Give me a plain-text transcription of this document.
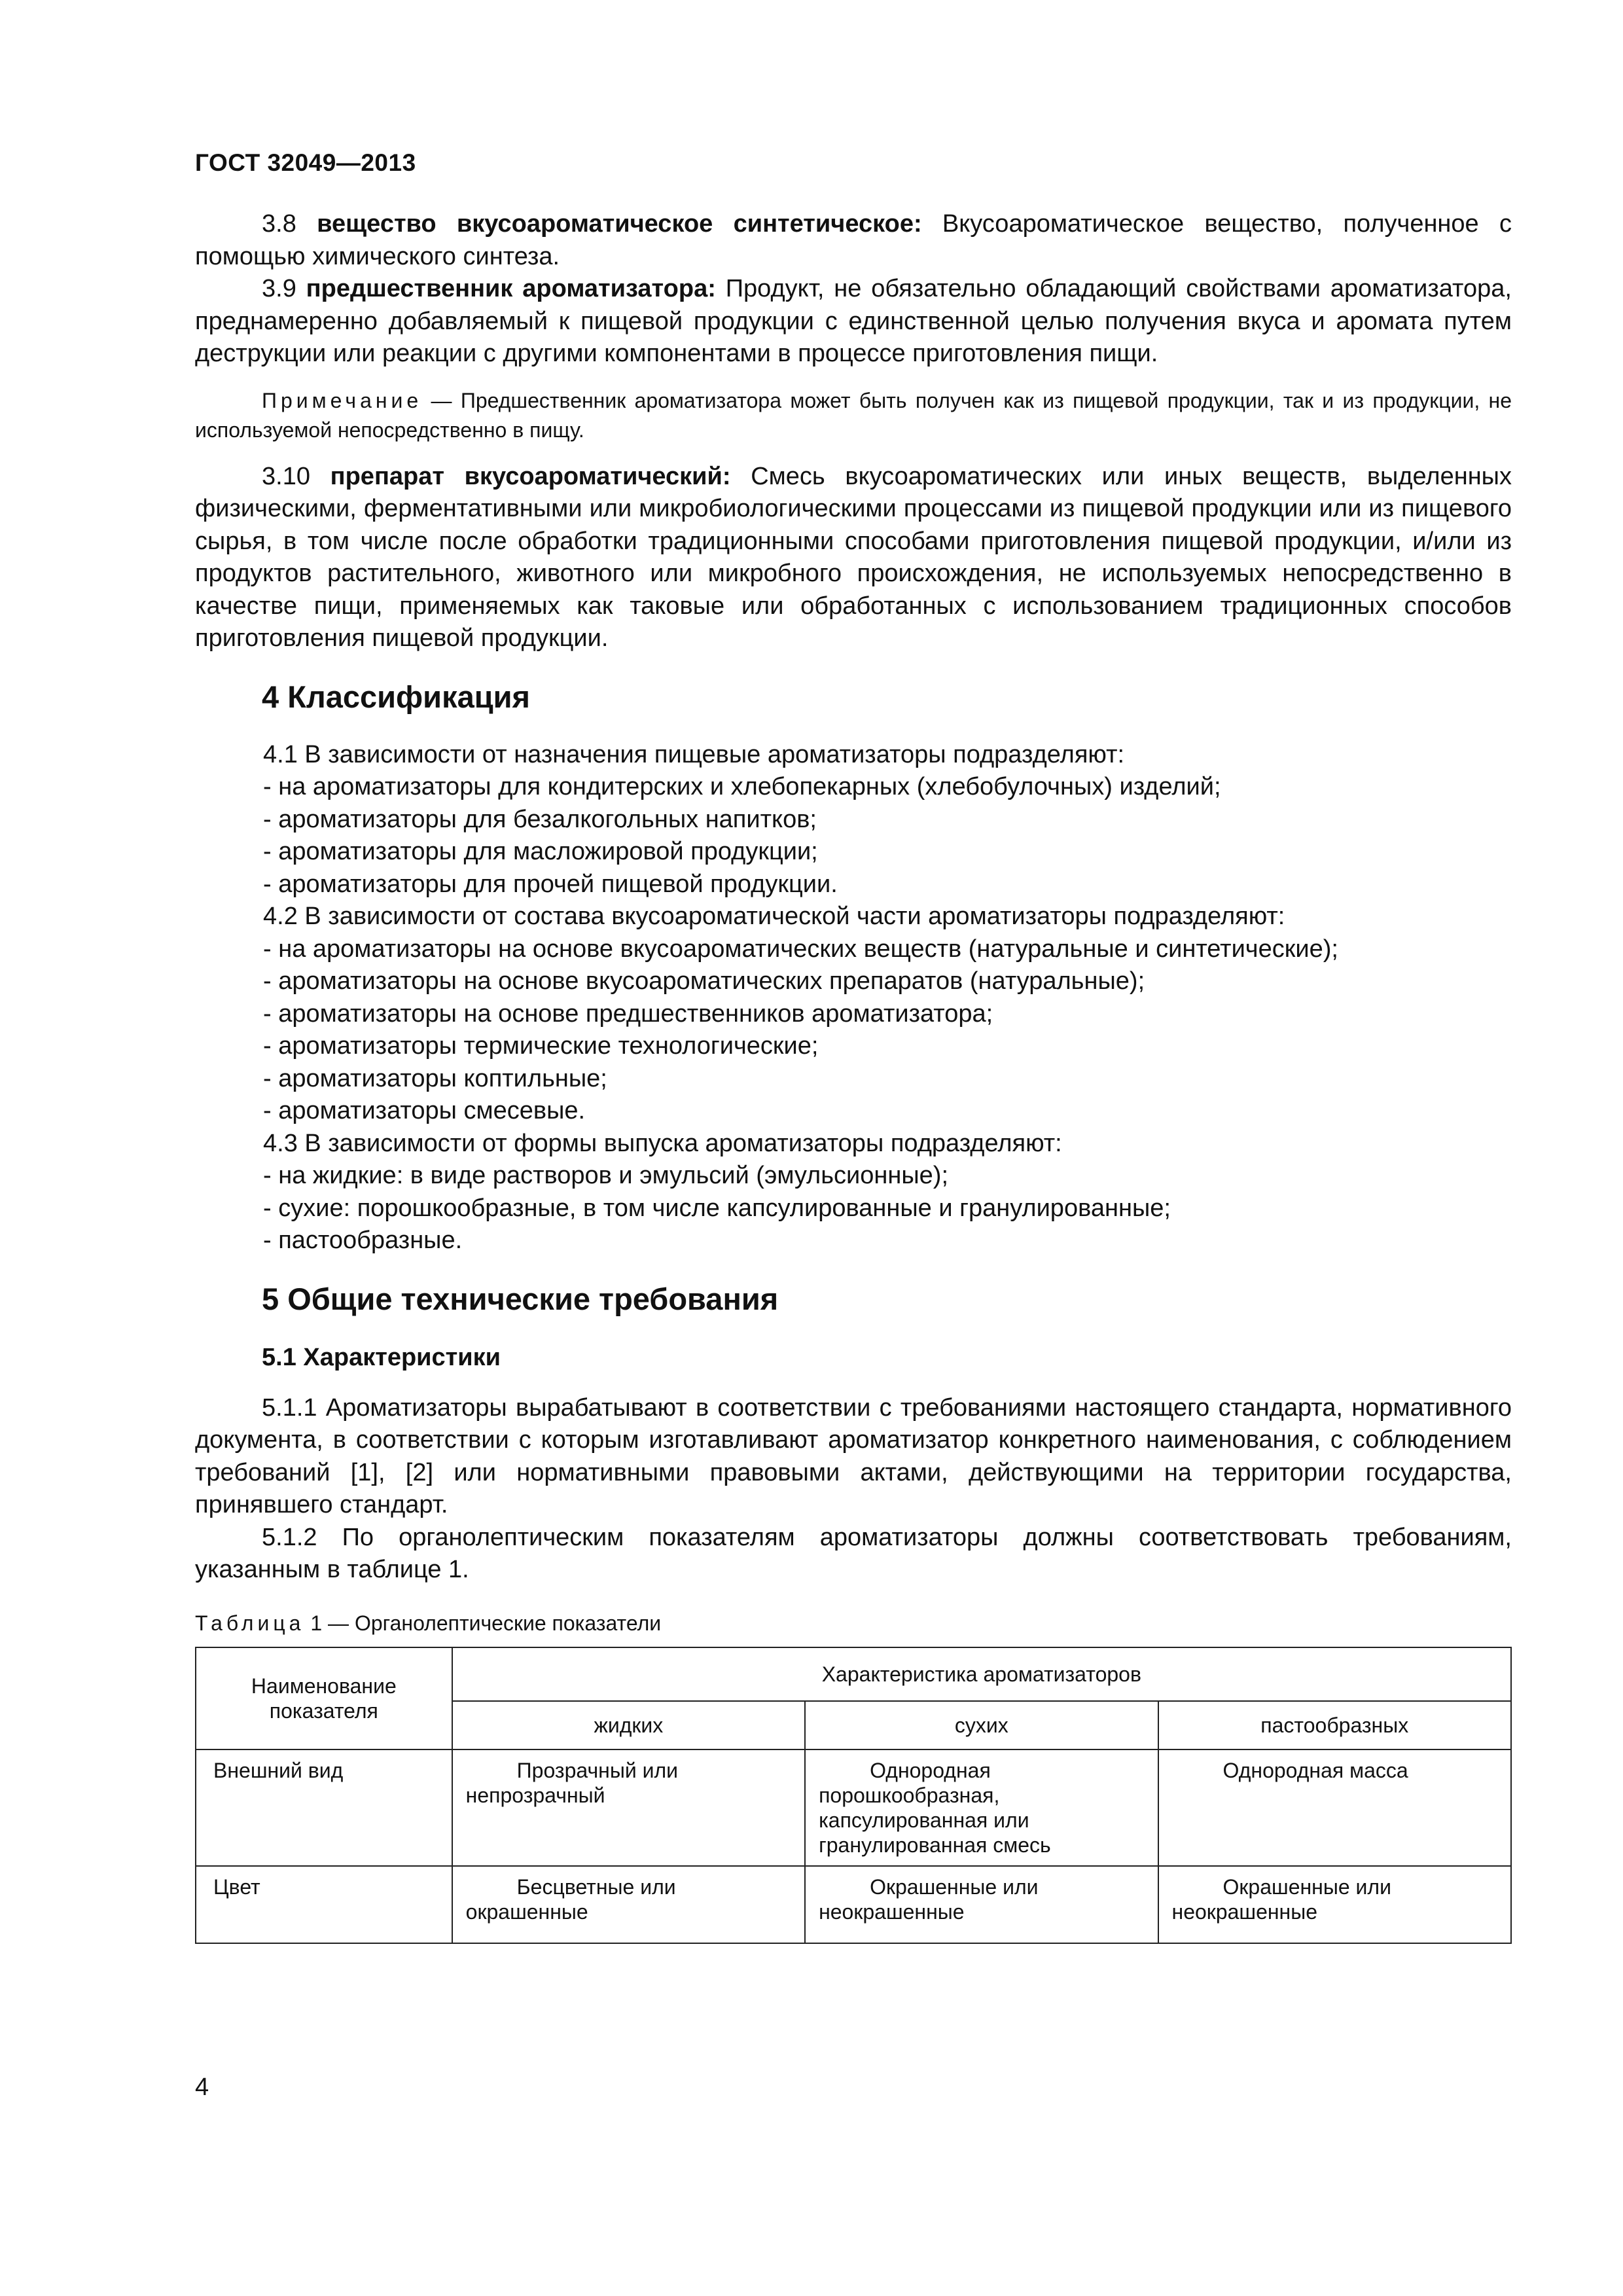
ГОСТ 32049—2013

3.8 вещество вкусоароматическое синтетическое: Вкусоароматическое вещество, полученное с помощью химического синтеза.

3.9 предшественник ароматизатора: Продукт, не обязательно обладающий свойствами ароматизатора, преднамеренно добавляемый к пищевой продукции с единственной целью получения вкуса и аромата путем деструкции или реакции с другими компонентами в процессе приготовления пищи.

Примечание — Предшественник ароматизатора может быть получен как из пищевой продукции, так и из продукции, не используемой непосредственно в пищу.

3.10 препарат вкусоароматический: Смесь вкусоароматических или иных веществ, выделенных физическими, ферментативными или микробиологическими процессами из пищевой продукции или из пищевого сырья, в том числе после обработки традиционными способами приготовления пищевой продукции, и/или из продуктов растительного, животного или микробного происхождения, не используемых непосредственно в качестве пищи, применяемых как таковые или обработанных с использованием традиционных способов приготовления пищевой продукции.

4 Классификация

4.1 В зависимости от назначения пищевые ароматизаторы подразделяют:

- на ароматизаторы для кондитерских и хлебопекарных (хлебобулочных) изделий;

- ароматизаторы для безалкогольных напитков;

- ароматизаторы для масложировой продукции;

- ароматизаторы для прочей пищевой продукции.

4.2 В зависимости от состава вкусоароматической части ароматизаторы подразделяют:

- на ароматизаторы на основе вкусоароматических веществ (натуральные и синтетические);

- ароматизаторы на основе вкусоароматических препаратов (натуральные);

- ароматизаторы на основе предшественников ароматизатора;

- ароматизаторы термические технологические;

- ароматизаторы коптильные;

- ароматизаторы смесевые.

4.3 В зависимости от формы выпуска ароматизаторы подразделяют:

- на жидкие: в виде растворов и эмульсий (эмульсионные);

- сухие: порошкообразные, в том числе капсулированные и гранулированные;

- пастообразные.

5 Общие технические требования
5.1 Характеристики

5.1.1 Ароматизаторы вырабатывают в соответствии с требованиями настоящего стандарта, нормативного документа, в соответствии с которым изготавливают ароматизатор конкретного наименования, с соблюдением требований [1], [2] или нормативными правовыми актами, действующими на территории государства, принявшего стандарт.

5.1.2 По органолептическим показателям ароматизаторы должны соответствовать требованиям, указанным в таблице 1.

Таблица 1 — Органолептические показатели
Наименование показателя	Характеристика ароматизаторов		
	жидких	сухих	пастообразных
Внешний вид	Прозрачный или непрозрачный	Однородная порошкообразная, капсулированная или гранулированная смесь	Однородная масса
Цвет	Бесцветные или окрашенные	Окрашенные или неокрашенные	Окрашенные или неокрашенные
4
